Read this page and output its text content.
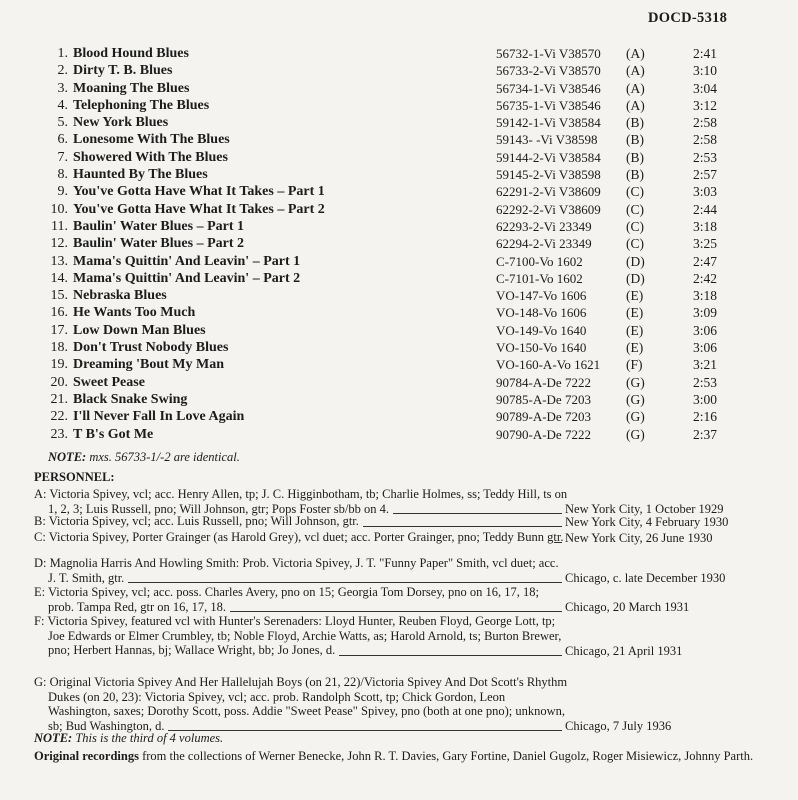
DOCD-5318
1. Blood Hound Blues	56732-1-Vi V38570 (A)	2:41
2. Dirty T. B. Blues	56733-2-Vi V38570 (A)	3:10
3. Moaning The Blues	56734-1-Vi V38546 (A)	3:04
4. Telephoning The Blues	56735-1-Vi V38546 (A)	3:12
5. New York Blues	59142-1-Vi V38584 (B)	2:58
6. Lonesome With The Blues	59143- -Vi V38598 (B)	2:58
7. Showered With The Blues	59144-2-Vi V38584 (B)	2:53
8. Haunted By The Blues	59145-2-Vi V38598 (B)	2:57
9. You've Gotta Have What It Takes – Part 1	62291-2-Vi V38609 (C)	3:03
10. You've Gotta Have What It Takes – Part 2	62292-2-Vi V38609 (C)	2:44
11. Baulin' Water Blues – Part 1	62293-2-Vi 23349	(C)	3:18
12. Baulin' Water Blues – Part 2	62294-2-Vi 23349	(C)	3:25
13. Mama's Quittin' And Leavin' – Part 1	C-7100-Vo 1602	(D)	2:47
14. Mama's Quittin' And Leavin' – Part 2	C-7101-Vo 1602	(D)	2:42
15. Nebraska Blues	VO-147-Vo 1606	(E)	3:18
16. He Wants Too Much	VO-148-Vo 1606	(E)	3:09
17. Low Down Man Blues	VO-149-Vo 1640	(E)	3:06
18. Don't Trust Nobody Blues	VO-150-Vo 1640	(E)	3:06
19. Dreaming 'Bout My Man	VO-160-A-Vo 1621 (F)	3:21
20. Sweet Pease	90784-A-De 7222	(G)	2:53
21. Black Snake Swing	90785-A-De 7203	(G)	3:00
22. I'll Never Fall In Love Again	90789-A-De 7203	(G)	2:16
23. T B's Got Me	90790-A-De 7222	(G)	2:37
NOTE: mxs. 56733-1/-2 are identical.
PERSONNEL:
A: Victoria Spivey, vcl; acc. Henry Allen, tp; J. C. Higginbotham, tb; Charlie Holmes, ss; Teddy Hill, ts on 1, 2, 3; Luis Russell, pno; Will Johnson, gtr; Pops Foster sb/bb on 4.	New York City, 1 October 1929
B: Victoria Spivey, vcl; acc. Luis Russell, pno; Will Johnson, gtr.	New York City, 4 February 1930
C: Victoria Spivey, Porter Grainger (as Harold Grey), vcl duet; acc. Porter Grainger, pno; Teddy Bunn gtr. New York City, 26 June 1930
D: Magnolia Harris And Howling Smith: Prob. Victoria Spivey, J. T. "Funny Paper" Smith, vcl duet; acc. J. T. Smith, gtr.	Chicago, c. late December 1930
E: Victoria Spivey, vcl; acc. poss. Charles Avery, pno on 15; Georgia Tom Dorsey, pno on 16, 17, 18; prob. Tampa Red, gtr on 16, 17, 18.	Chicago, 20 March 1931
F: Victoria Spivey, featured vcl with Hunter's Serenaders: Lloyd Hunter, Reuben Floyd, George Lott, tp; Joe Edwards or Elmer Crumbley, tb; Noble Floyd, Archie Watts, as; Harold Arnold, ts; Burton Brewer, pno; Herbert Hannas, bj; Wallace Wright, bb; Jo Jones, d.	Chicago, 21 April 1931
G: Original Victoria Spivey And Her Hallelujah Boys (on 21, 22)/Victoria Spivey And Dot Scott's Rhythm Dukes (on 20, 23): Victoria Spivey, vcl; acc. prob. Randolph Scott, tp; Chick Gordon, Leon Washington, saxes; Dorothy Scott, poss. Addie "Sweet Pease" Spivey, pno (both at one pno); unknown, sb; Bud Washington, d.	Chicago, 7 July 1936
NOTE: This is the third of 4 volumes.
Original recordings from the collections of Werner Benecke, John R. T. Davies, Gary Fortine, Daniel Gugolz, Roger Misiewicz, Johnny Parth.
